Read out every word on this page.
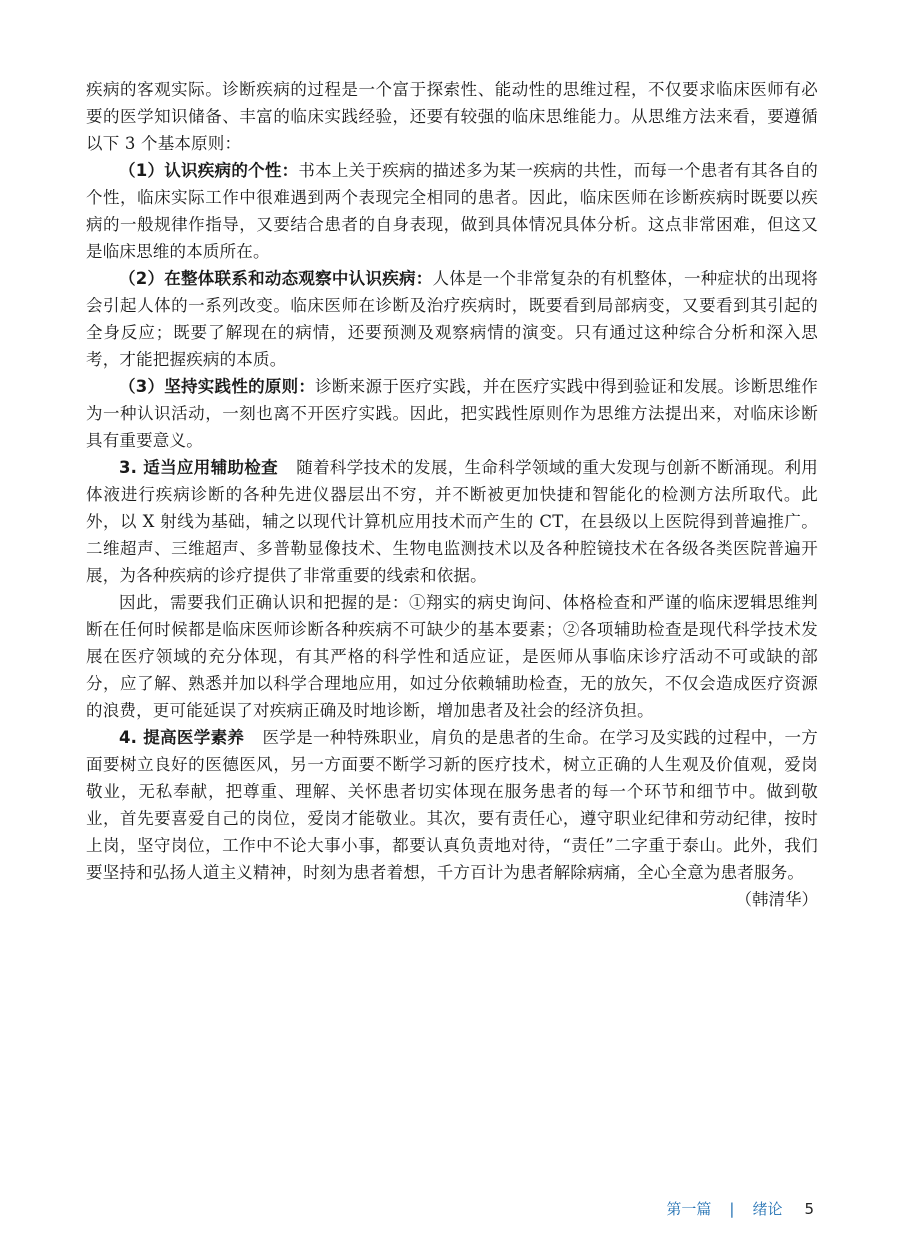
疾病的客观实际。诊断疾病的过程是一个富于探索性、能动性的思维过程，不仅要求临床医师有必要的医学知识储备、丰富的临床实践经验，还要有较强的临床思维能力。从思维方法来看，要遵循以下 3 个基本原则：

（1）认识疾病的个性：书本上关于疾病的描述多为某一疾病的共性，而每一个患者有其各自的个性，临床实际工作中很难遇到两个表现完全相同的患者。因此，临床医师在诊断疾病时既要以疾病的一般规律作指导，又要结合患者的自身表现，做到具体情况具体分析。这点非常困难，但这又是临床思维的本质所在。

（2）在整体联系和动态观察中认识疾病：人体是一个非常复杂的有机整体，一种症状的出现将会引起人体的一系列改变。临床医师在诊断及治疗疾病时，既要看到局部病变，又要看到其引起的全身反应；既要了解现在的病情，还要预测及观察病情的演变。只有通过这种综合分析和深入思考，才能把握疾病的本质。

（3）坚持实践性的原则：诊断来源于医疗实践，并在医疗实践中得到验证和发展。诊断思维作为一种认识活动，一刻也离不开医疗实践。因此，把实践性原则作为思维方法提出来，对临床诊断具有重要意义。

3. 适当应用辅助检查 随着科学技术的发展，生命科学领域的重大发现与创新不断涌现。利用体液进行疾病诊断的各种先进仪器层出不穷，并不断被更加快捷和智能化的检测方法所取代。此外，以 X 射线为基础，辅之以现代计算机应用技术而产生的 CT，在县级以上医院得到普遍推广。二维超声、三维超声、多普勒显像技术、生物电监测技术以及各种腔镜技术在各级各类医院普遍开展，为各种疾病的诊疗提供了非常重要的线索和依据。

因此，需要我们正确认识和把握的是：①翔实的病史询问、体格检查和严谨的临床逻辑思维判断在任何时候都是临床医师诊断各种疾病不可缺少的基本要素；②各项辅助检查是现代科学技术发展在医疗领域的充分体现，有其严格的科学性和适应证，是医师从事临床诊疗活动不可或缺的部分，应了解、熟悉并加以科学合理地应用，如过分依赖辅助检查，无的放矢，不仅会造成医疗资源的浪费，更可能延误了对疾病正确及时地诊断，增加患者及社会的经济负担。

4. 提高医学素养 医学是一种特殊职业，肩负的是患者的生命。在学习及实践的过程中，一方面要树立良好的医德医风，另一方面要不断学习新的医疗技术，树立正确的人生观及价值观，爱岗敬业，无私奉献，把尊重、理解、关怀患者切实体现在服务患者的每一个环节和细节中。做到敬业，首先要喜爱自己的岗位，爱岗才能敬业。其次，要有责任心，遵守职业纪律和劳动纪律，按时上岗，坚守岗位，工作中不论大事小事，都要认真负责地对待，“责任”二字重于泰山。此外，我们要坚持和弘扬人道主义精神，时刻为患者着想，千方百计为患者解除病痛，全心全意为患者服务。

（韩清华）

第一篇 | 绪论 5
